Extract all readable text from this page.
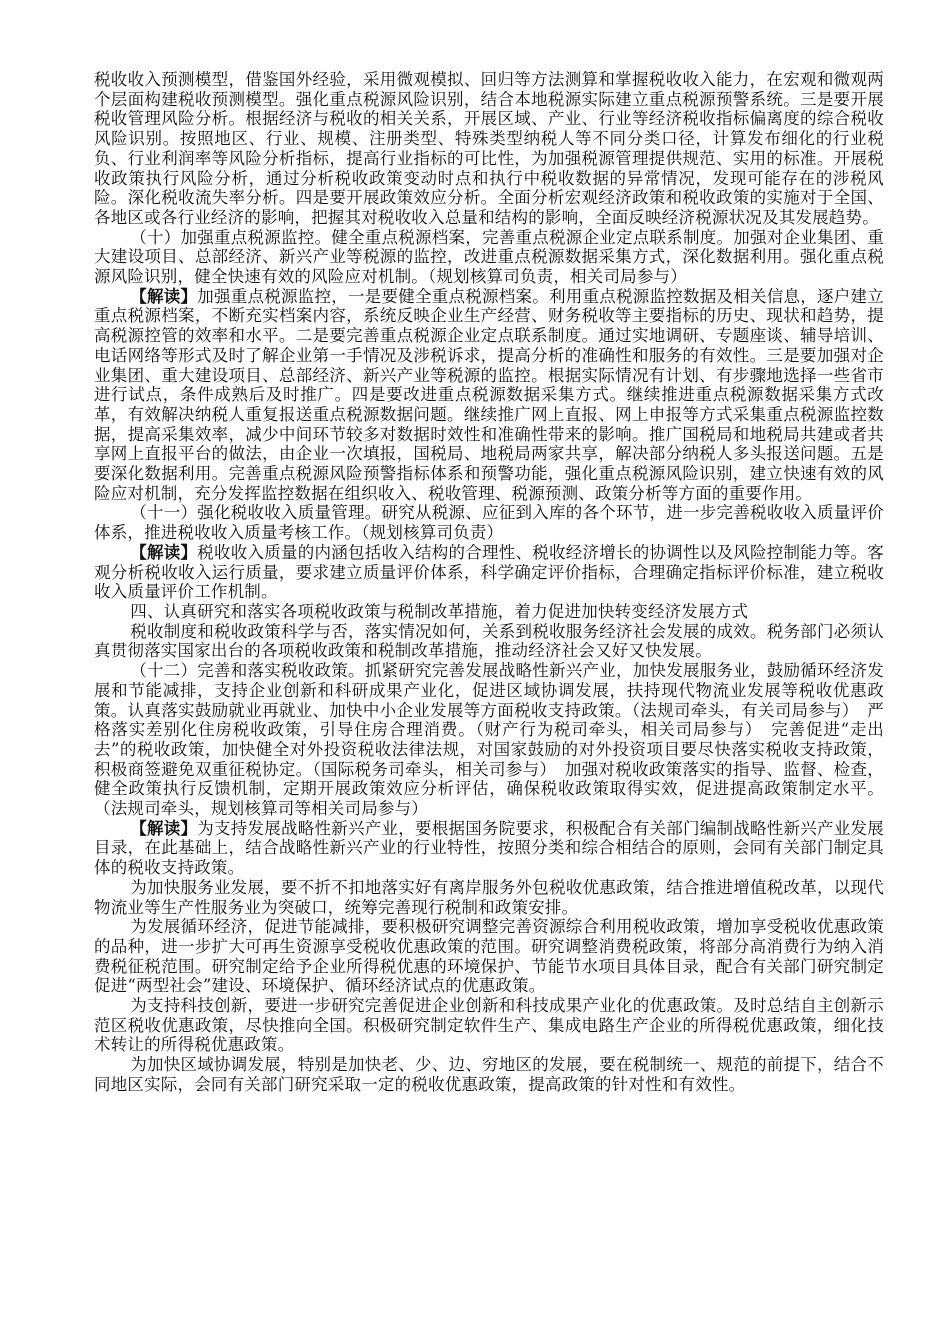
税收收入预测模型，借鉴国外经验，采用微观模拟、回归等方法测算和掌握税收收入能力，在宏观和微观两个层面构建税收预测模型。强化重点税源风险识别，结合本地税源实际建立重点税源预警系统。三是要开展税收管理风险分析。根据经济与税收的相关关系，开展区域、产业、行业等经济税收指标偏离度的综合税收风险识别。按照地区、行业、规模、注册类型、特殊类型纳税人等不同分类口径，计算发布细化的行业税负、行业利润率等风险分析指标，提高行业指标的可比性，为加强税源管理提供规范、实用的标准。开展税收政策执行风险分析，通过分析税收政策变动时点和执行中税收数据的异常情况，发现可能存在的涉税风险。深化税收流失率分析。四是要开展政策效应分析。全面分析宏观经济政策和税收政策的实施对于全国、各地区或各行业经济的影响，把握其对税收收入总量和结构的影响，全面反映经济税源状况及其发展趋势。

（十）加强重点税源监控。健全重点税源档案，完善重点税源企业定点联系制度。加强对企业集团、重大建设项目、总部经济、新兴产业等税源的监控，改进重点税源数据采集方式，深化数据利用。强化重点税源风险识别，健全快速有效的风险应对机制。（规划核算司负责，相关司局参与）

【解读】加强重点税源监控，一是要健全重点税源档案。利用重点税源监控数据及相关信息，逐户建立重点税源档案，不断充实档案内容，系统反映企业生产经营、财务税收等主要指标的历史、现状和趋势，提高税源控管的效率和水平。二是要完善重点税源企业定点联系制度。通过实地调研、专题座谈、辅导培训、电话网络等形式及时了解企业第一手情况及涉税诉求，提高分析的准确性和服务的有效性。三是要加强对企业集团、重大建设项目、总部经济、新兴产业等税源的监控。根据实际情况有计划、有步骤地选择一些省市进行试点，条件成熟后及时推广。四是要改进重点税源数据采集方式。继续推进重点税源数据采集方式改革，有效解决纳税人重复报送重点税源数据问题。继续推广网上直报、网上申报等方式采集重点税源监控数据，提高采集效率，减少中间环节较多对数据时效性和准确性带来的影响。推广国税局和地税局共建或者共享网上直报平台的做法，由企业一次填报，国税局、地税局两家共享，解决部分纳税人多头报送问题。五是要深化数据利用。完善重点税源风险预警指标体系和预警功能，强化重点税源风险识别，建立快速有效的风险应对机制，充分发挥监控数据在组织收入、税收管理、税源预测、政策分析等方面的重要作用。

（十一）强化税收收入质量管理。研究从税源、应征到入库的各个环节，进一步完善税收收入质量评价体系，推进税收收入质量考核工作。（规划核算司负责）

【解读】税收收入质量的内涵包括收入结构的合理性、税收经济增长的协调性以及风险控制能力等。客观分析税收收入运行质量，要求建立质量评价体系，科学确定评价指标，合理确定指标评价标准，建立税收收入质量评价工作机制。

四、认真研究和落实各项税收政策与税制改革措施，着力促进加快转变经济发展方式

税收制度和税收政策科学与否，落实情况如何，关系到税收服务经济社会发展的成效。税务部门必须认真贯彻落实国家出台的各项税收政策和税制改革措施，推动经济社会又好又快发展。

（十二）完善和落实税收政策。抓紧研究完善发展战略性新兴产业，加快发展服务业，鼓励循环经济发展和节能减排，支持企业创新和科研成果产业化，促进区域协调发展，扶持现代物流业发展等税收优惠政策。认真落实鼓励就业再就业、加快中小企业发展等方面税收支持政策。（法规司牵头，有关司局参与）　严格落实差别化住房税收政策，引导住房合理消费。（财产行为税司牵头，相关司局参与）　完善促进“走出去”的税收政策，加快健全对外投资税收法律法规，对国家鼓励的对外投资项目要尽快落实税收支持政策，积极商签避免双重征税协定。（国际税务司牵头，相关司参与）　加强对税收政策落实的指导、监督、检查，健全政策执行反馈机制，定期开展政策效应分析评估，确保税收政策取得实效，促进提高政策制定水平。（法规司牵头，规划核算司等相关司局参与）

【解读】为支持发展战略性新兴产业，要根据国务院要求，积极配合有关部门编制战略性新兴产业发展目录，在此基础上，结合战略性新兴产业的行业特性，按照分类和综合相结合的原则，会同有关部门制定具体的税收支持政策。

为加快服务业发展，要不折不扣地落实好有离岸服务外包税收优惠政策，结合推进增值税改革，以现代物流业等生产性服务业为突破口，统筹完善现行税制和政策安排。

为发展循环经济，促进节能减排，要积极研究调整完善资源综合利用税收政策，增加享受税收优惠政策的品种，进一步扩大可再生资源享受税收优惠政策的范围。研究调整消费税政策，将部分高消费行为纳入消费税征税范围。研究制定给予企业所得税优惠的环境保护、节能节水项目具体目录，配合有关部门研究制定促进“两型社会”建设、环境保护、循环经济试点的优惠政策。

为支持科技创新，要进一步研究完善促进企业创新和科技成果产业化的优惠政策。及时总结自主创新示范区税收优惠政策，尽快推向全国。积极研究制定软件生产、集成电路生产企业的所得税优惠政策，细化技术转让的所得税优惠政策。

为加快区域协调发展，特别是加快老、少、边、穷地区的发展，要在税制统一、规范的前提下，结合不同地区实际，会同有关部门研究采取一定的税收优惠政策，提高政策的针对性和有效性。
